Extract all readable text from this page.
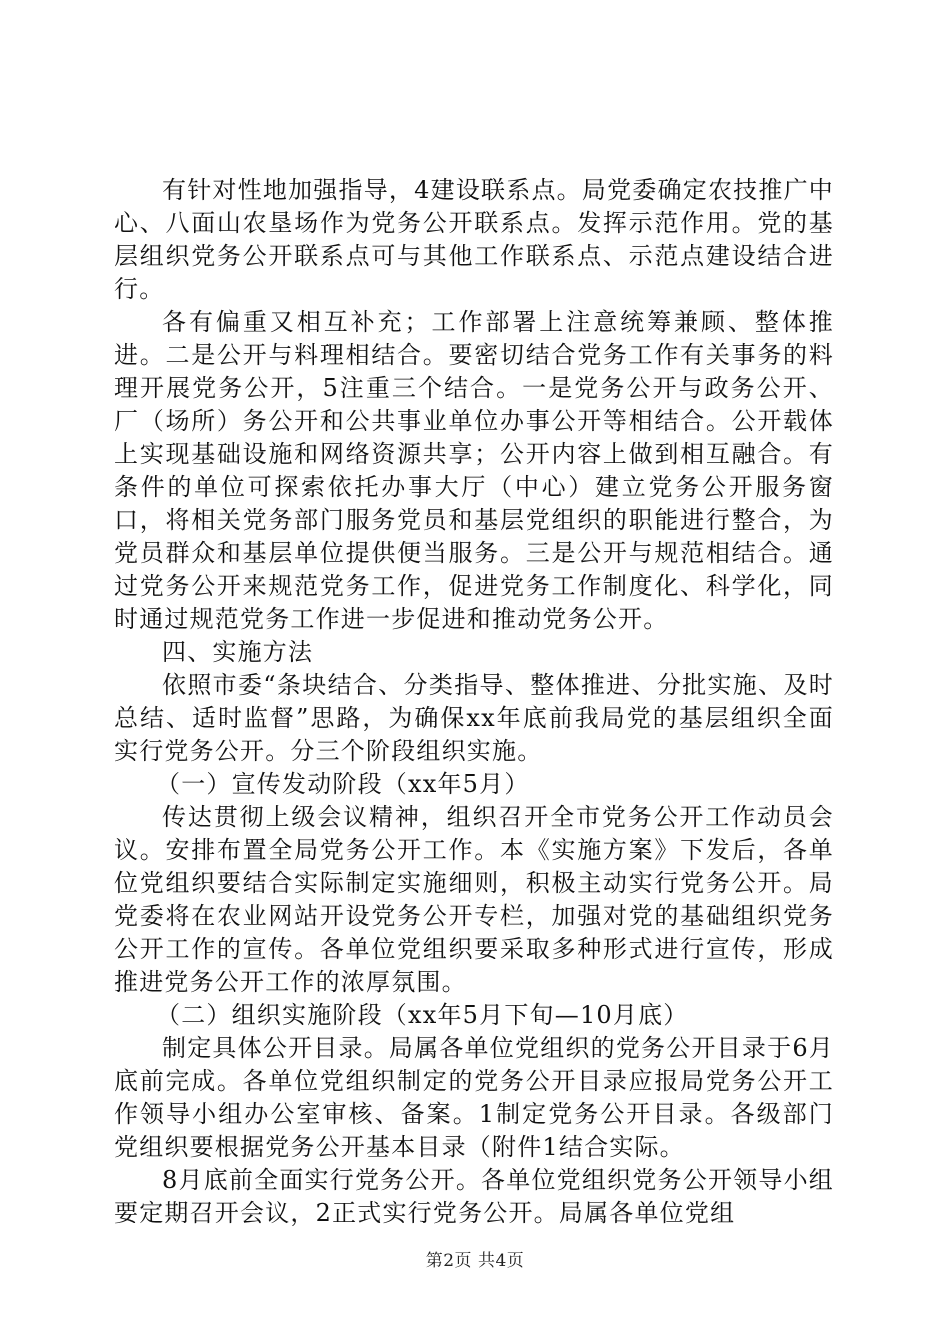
有针对性地加强指导，4建设联系点。局党委确定农技推广中心、八面山农垦场作为党务公开联系点。发挥示范作用。党的基层组织党务公开联系点可与其他工作联系点、示范点建设结合进行。

各有偏重又相互补充；工作部署上注意统筹兼顾、整体推进。二是公开与料理相结合。要密切结合党务工作有关事务的料理开展党务公开，5注重三个结合。一是党务公开与政务公开、厂（场所）务公开和公共事业单位办事公开等相结合。公开载体上实现基础设施和网络资源共享；公开内容上做到相互融合。有条件的单位可探索依托办事大厅（中心）建立党务公开服务窗口，将相关党务部门服务党员和基层党组织的职能进行整合，为党员群众和基层单位提供便当服务。三是公开与规范相结合。通过党务公开来规范党务工作，促进党务工作制度化、科学化，同时通过规范党务工作进一步促进和推动党务公开。

四、实施方法

依照市委“条块结合、分类指导、整体推进、分批实施、及时总结、适时监督”思路，为确保xx年底前我局党的基层组织全面实行党务公开。分三个阶段组织实施。

（一）宣传发动阶段（xx年5月）

传达贯彻上级会议精神，组织召开全市党务公开工作动员会议。安排布置全局党务公开工作。本《实施方案》下发后，各单位党组织要结合实际制定实施细则，积极主动实行党务公开。局党委将在农业网站开设党务公开专栏，加强对党的基础组织党务公开工作的宣传。各单位党组织要采取多种形式进行宣传，形成推进党务公开工作的浓厚氛围。

（二）组织实施阶段（xx年5月下旬—10月底）

制定具体公开目录。局属各单位党组织的党务公开目录于6月底前完成。各单位党组织制定的党务公开目录应报局党务公开工作领导小组办公室审核、备案。1制定党务公开目录。各级部门党组织要根据党务公开基本目录（附件1结合实际。

8月底前全面实行党务公开。各单位党组织党务公开领导小组要定期召开会议，2正式实行党务公开。局属各单位党组

第2页 共4页
